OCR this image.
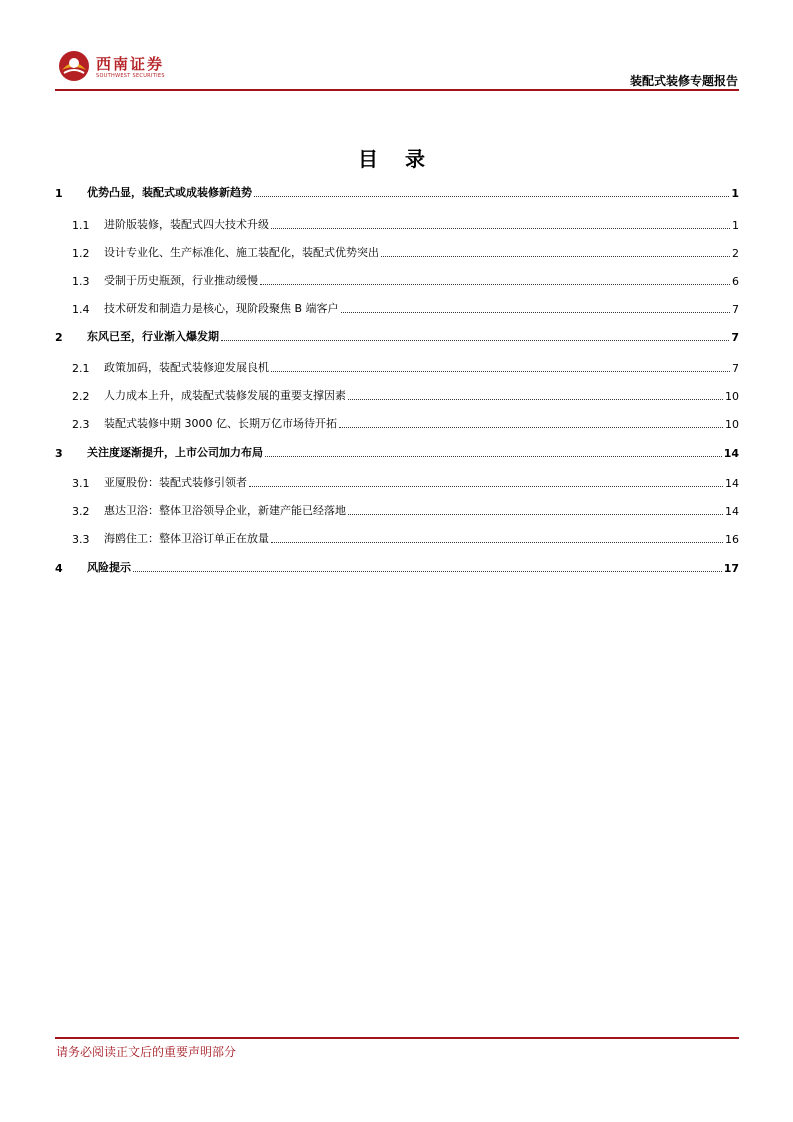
西南证券
SOUTHWEST SECURITIES	装配式装修专题报告
目 录
1	优势凸显，装配式或成装修新趋势	1
1.1	进阶版装修，装配式四大技术升级	1
1.2	设计专业化、生产标准化、施工装配化，装配式优势突出	2
1.3	受制于历史瓶颈，行业推动缓慢	6
1.4	技术研发和制造力是核心，现阶段聚焦 B 端客户	7
2	东风已至，行业渐入爆发期	7
2.1	政策加码，装配式装修迎发展良机	7
2.2	人力成本上升，成装配式装修发展的重要支撑因素	10
2.3	装配式装修中期 3000 亿、长期万亿市场待开拓	10
3	关注度逐渐提升，上市公司加力布局	14
3.1	亚厦股份：装配式装修引领者	14
3.2	惠达卫浴：整体卫浴领导企业，新建产能已经落地	14
3.3	海鸥住工：整体卫浴订单正在放量	16
4	风险提示	17
请务必阅读正文后的重要声明部分
